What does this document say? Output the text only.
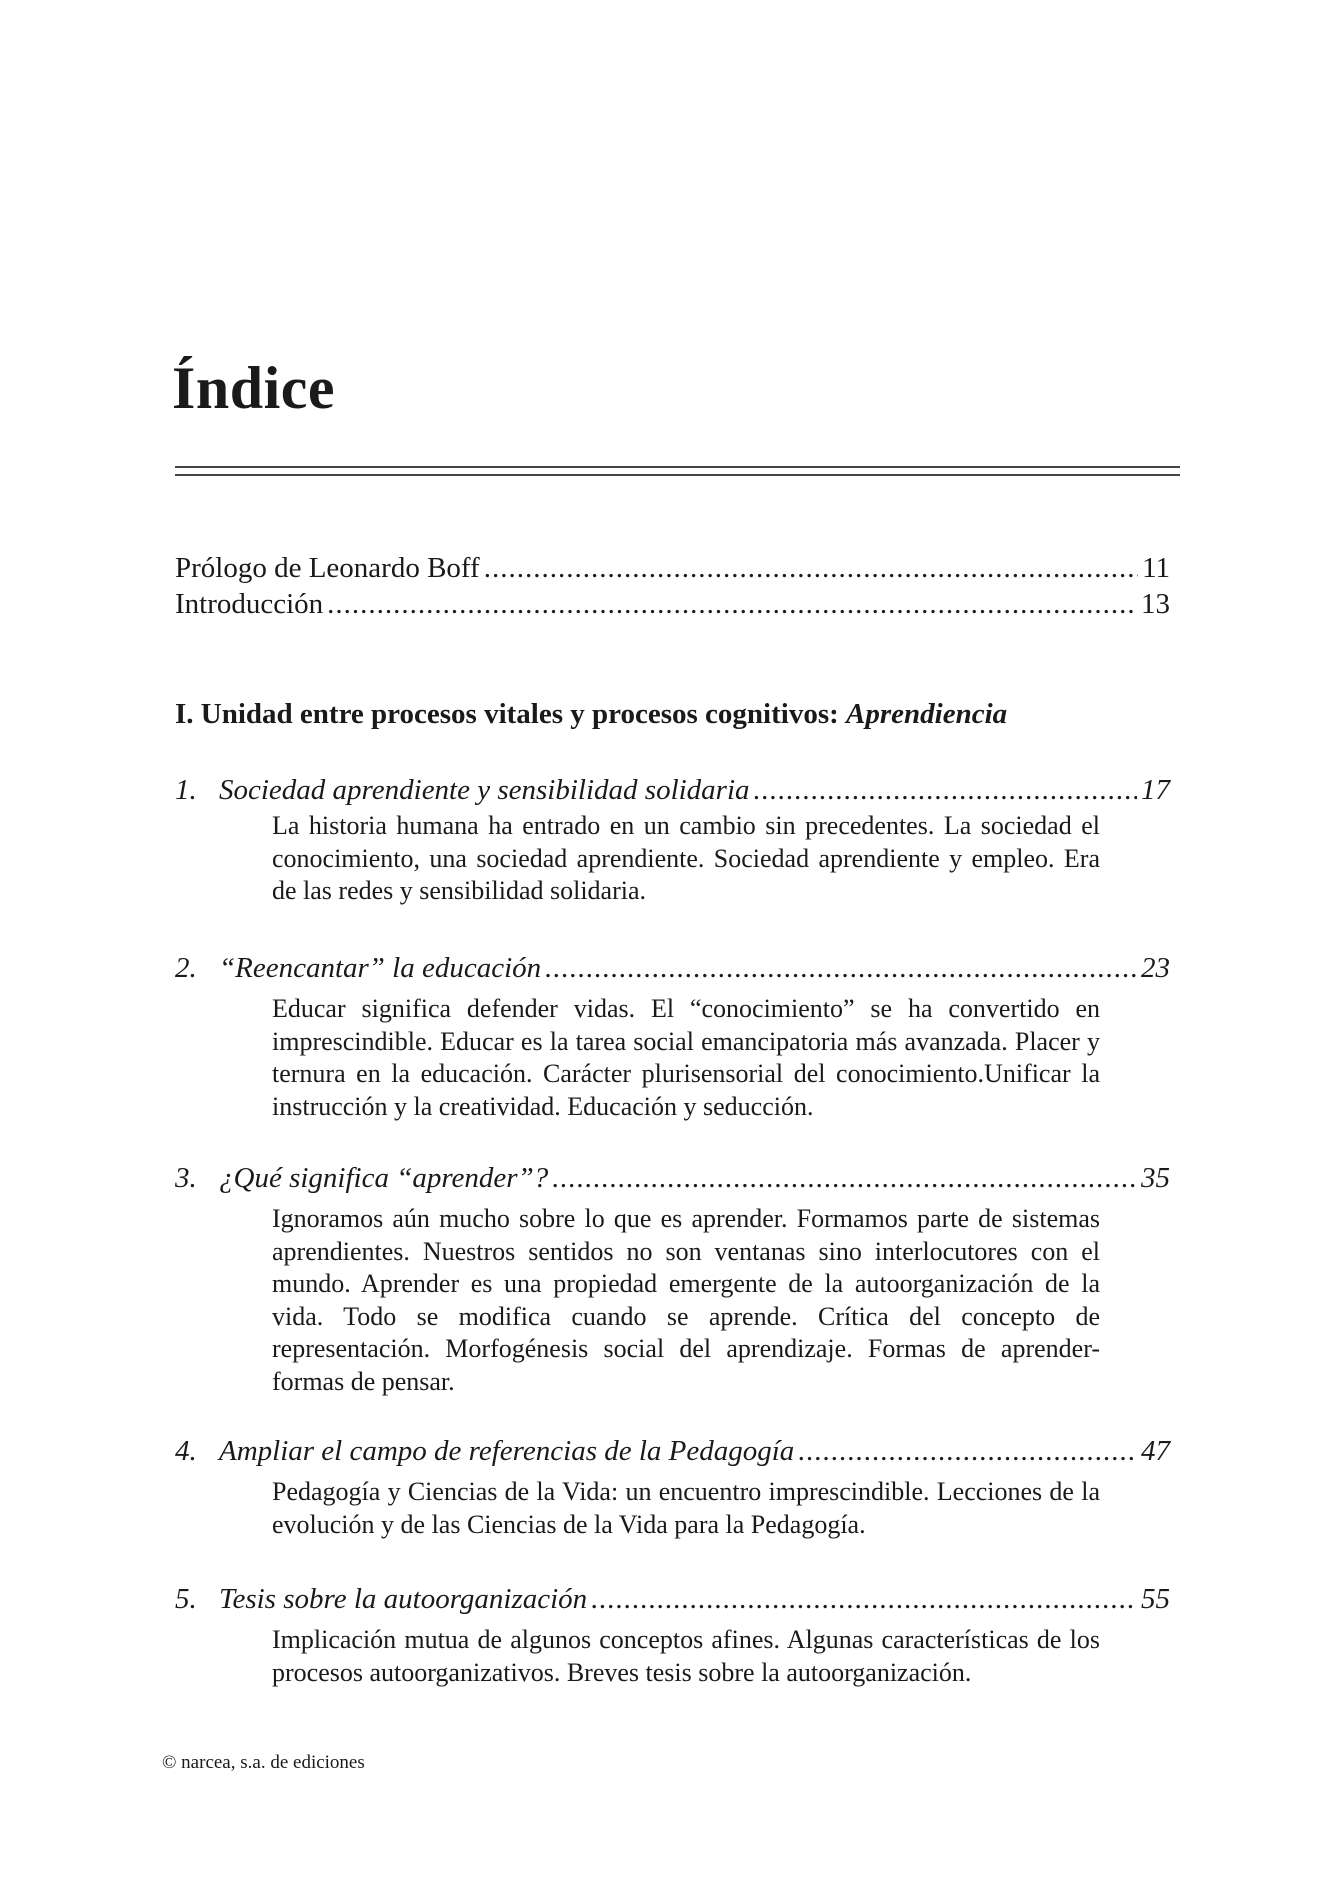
Índice
Prólogo de Leonardo Boff .....	11
Introducción .....	13
I. Unidad entre procesos vitales y procesos cognitivos: Aprendiencia
1. Sociedad aprendiente y sensibilidad solidaria .....	17

La historia humana ha entrado en un cambio sin precedentes. La sociedad el conocimiento, una sociedad aprendiente. Sociedad aprendiente y empleo. Era de las redes y sensibilidad solidaria.

2. “Reencantar” la educación .....	23

Educar significa defender vidas. El “conocimiento” se ha convertido en imprescindible. Educar es la tarea social emancipatoria más avanzada. Placer y ternura en la educación. Carácter plurisensorial del conocimiento.Unificar la instrucción y la creatividad. Educación y seducción.

3. ¿Qué significa “aprender”? .....	35

Ignoramos aún mucho sobre lo que es aprender. Formamos parte de sistemas aprendientes. Nuestros sentidos no son ventanas sino interlocutores con el mundo. Aprender es una propiedad emergente de la autoorganización de la vida. Todo se modifica cuando se aprende. Crítica del concepto de representación. Morfogénesis social del aprendizaje. Formas de aprender-formas de pensar.

4. Ampliar el campo de referencias de la Pedagogía .....	47

Pedagogía y Ciencias de la Vida: un encuentro imprescindible. Lecciones de la evolución y de las Ciencias de la Vida para la Pedagogía.

5. Tesis sobre la autoorganización .....	55

Implicación mutua de algunos conceptos afines. Algunas características de los procesos autoorganizativos. Breves tesis sobre la autoorganización.

© narcea, s.a. de ediciones
